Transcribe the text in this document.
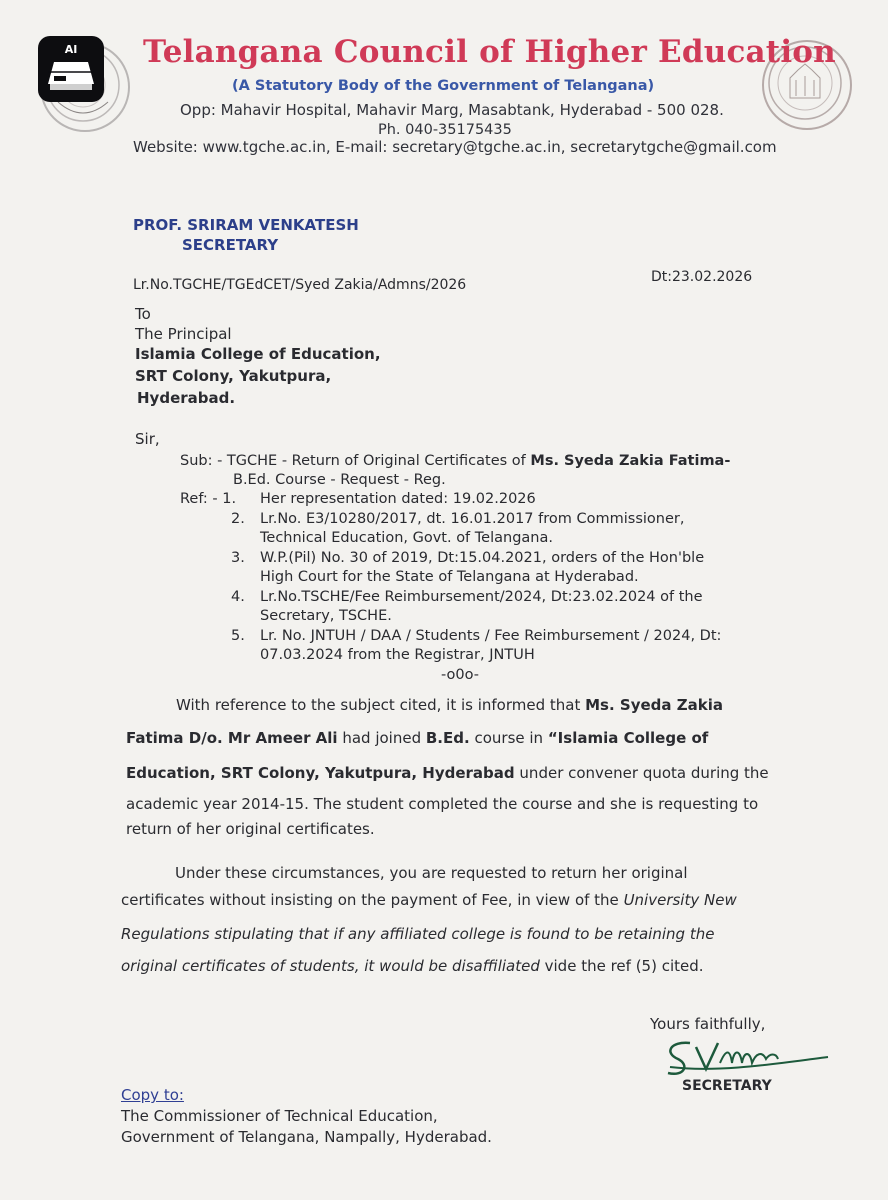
AI	Telangana Council of Higher Education
(A Statutory Body of the Government of Telangana)
Opp: Mahavir Hospital, Mahavir Marg, Masabtank, Hyderabad - 500 028.
Ph. 040-35175435
Website: www.tgche.ac.in, E-mail: secretary@tgche.ac.in, secretarytgche@gmail.com
PROF. SRIRAM VENKATESH
SECRETARY
Lr.No.TGCHE/TGEdCET/Syed Zakia/Admns/2026	Dt:23.02.2026
To
The Principal
Islamia College of Education,
SRT Colony, Yakutpura,
Hyderabad.
Sir,
Sub: - TGCHE - Return of Original Certificates of Ms. Syeda Zakia Fatima-
B.Ed. Course - Request - Reg.
Ref: - 1. Her representation dated: 19.02.2026
2. Lr.No. E3/10280/2017, dt. 16.01.2017 from Commissioner,
Technical Education, Govt. of Telangana.
3. W.P.(Pil) No. 30 of 2019, Dt:15.04.2021, orders of the Hon'ble
High Court for the State of Telangana at Hyderabad.
4. Lr.No.TSCHE/Fee Reimbursement/2024, Dt:23.02.2024 of the
Secretary, TSCHE.
5. Lr. No. JNTUH / DAA / Students / Fee Reimbursement / 2024, Dt:
07.03.2024 from the Registrar, JNTUH
-o0o-
With reference to the subject cited, it is informed that Ms. Syeda Zakia
Fatima D/o. Mr Ameer Ali had joined B.Ed. course in “Islamia College of
Education, SRT Colony, Yakutpura, Hyderabad under convener quota during the
academic year 2014-15. The student completed the course and she is requesting to
return of her original certificates.
Under these circumstances, you are requested to return her original
certificates without insisting on the payment of Fee, in view of the University New
Regulations stipulating that if any affiliated college is found to be retaining the
original certificates of students, it would be disaffiliated vide the ref (5) cited.
Yours faithfully,
SECRETARY
Copy to:
The Commissioner of Technical Education,
Government of Telangana, Nampally, Hyderabad.
